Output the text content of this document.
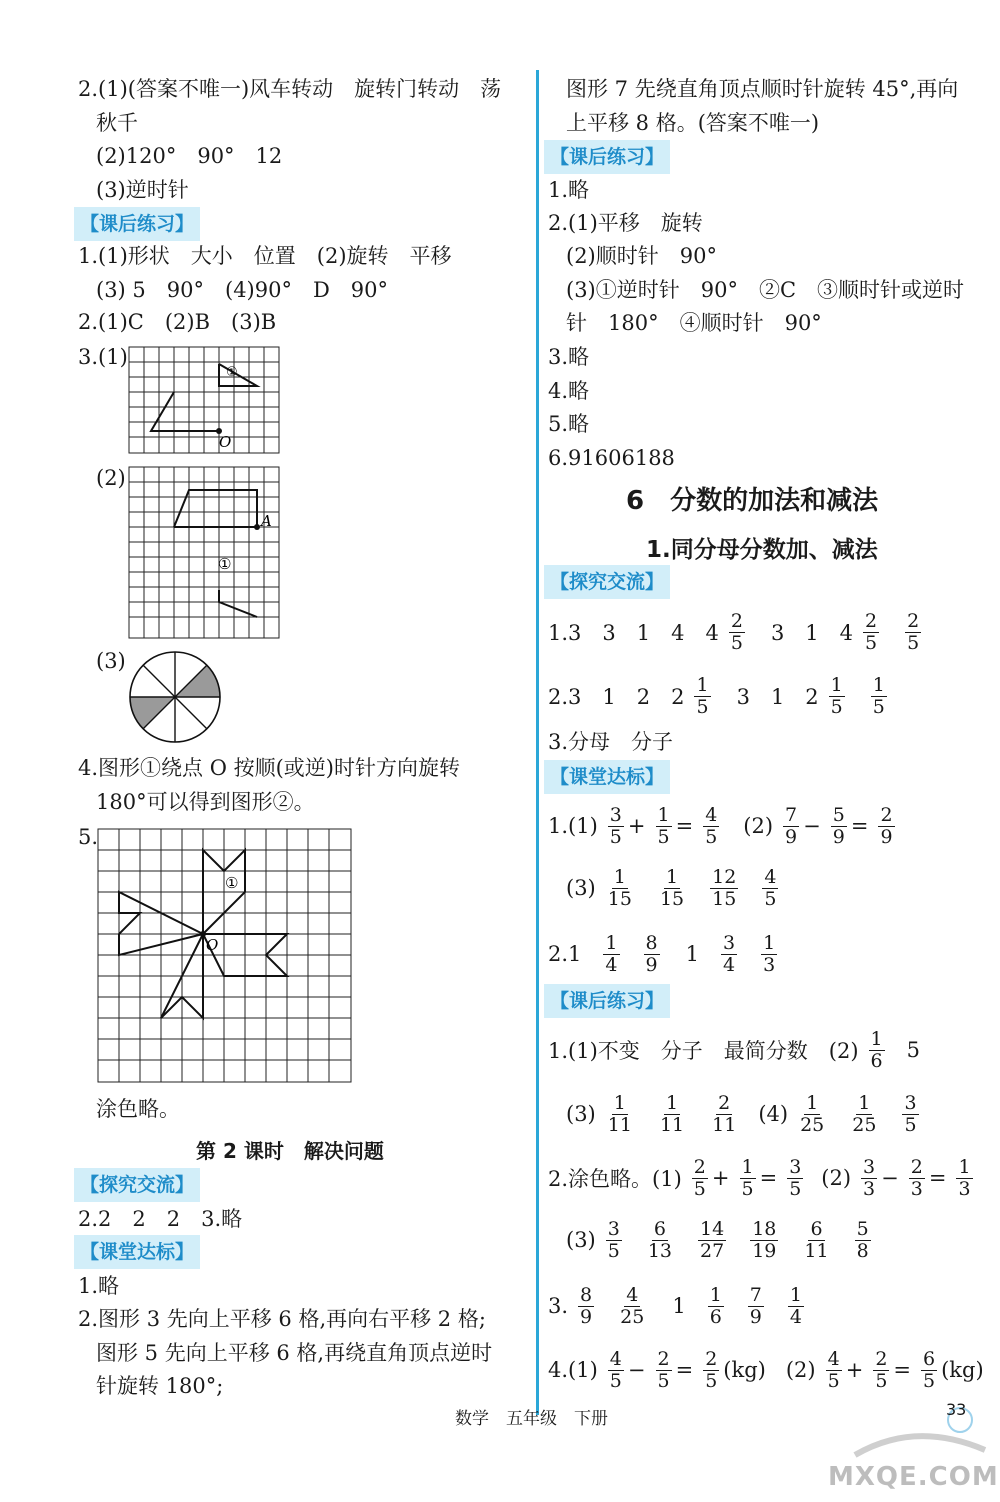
2.(1)(答案不唯一)风车转动　旋转门转动　荡
秋千
(2)120°　90°　12
(3)逆时针
【课后练习】
1.(1)形状　大小　位置　(2)旋转　平移
(3) 5　90°　(4)90°　D　90°
2.(1)C　(2)B　(3)B
3.(1)
①
O
(2)
A
①
(3)
4.图形①绕点 O 按顺(或逆)时针方向旋转
180°可以得到图形②。
5.
①
O
涂色略。
第 2 课时　解决问题
【探究交流】
2.2　2　2　3.略
【课堂达标】
1.略
2.图形 3 先向上平移 6 格,再向右平移 2 格;
图形 5 先向上平移 6 格,再绕直角顶点逆时
针旋转 180°;
图形 7 先绕直角顶点顺时针旋转 45°,再向
上平移 8 格。(答案不唯一)
【课后练习】
1.略
2.(1)平移　旋转
(2)顺时针　90°
(3)①逆时针　90°　②C　③顺时针或逆时
针　180°　④顺时针　90°
3.略
4.略
5.略
6.91606188
6　分数的加法和减法
1.同分母分数加、减法
【探究交流】
1.3　3　1　4　$4 \frac{2}{5} 3$　1　$4 \frac{2}{5} \frac{2}{5}$
2.3　1　2　$2 \frac{1}{5} 3$　1　$2 \frac{1}{5} \frac{1}{5}$
3.分母　分子
【课堂达标】
$1.(1) \frac{3}{5} + \frac{1}{5} = \frac{4}{5} (2) \frac{7}{9} - \frac{5}{9} = \frac{2}{9}$
$(3) \frac{1}{15} \frac{1}{15} \frac{12}{15} \frac{4}{5}$
$2.1 \frac{1}{4} \frac{8}{9} 1 \frac{3}{4} \frac{1}{3}$
【课后练习】
1.(1)不变　分子　最简分数　$(2) \frac{1}{6} 5$
$(3) \frac{1}{11} \frac{1}{11} \frac{2}{11} (4) \frac{1}{25} \frac{1}{25} \frac{3}{5}$
2.涂色略。$(1) \frac{2}{5} + \frac{1}{5} = \frac{3}{5} (2) \frac{3}{3} - \frac{2}{3} = \frac{1}{3}$
$(3) \frac{3}{5} \frac{6}{13} \frac{14}{27} \frac{18}{19} \frac{6}{11} \frac{5}{8}$
3. $\frac{8}{9} \frac{4}{25} 1 \frac{1}{6} \frac{7}{9} \frac{1}{4}$
$4.(1) \frac{4}{5} - \frac{2}{5} = \frac{2}{5} (kg)$ $(2) \frac{4}{5} + \frac{2}{5} = \frac{6}{5} (kg)$
数学　五年级　下册	33
MXQE.COM
